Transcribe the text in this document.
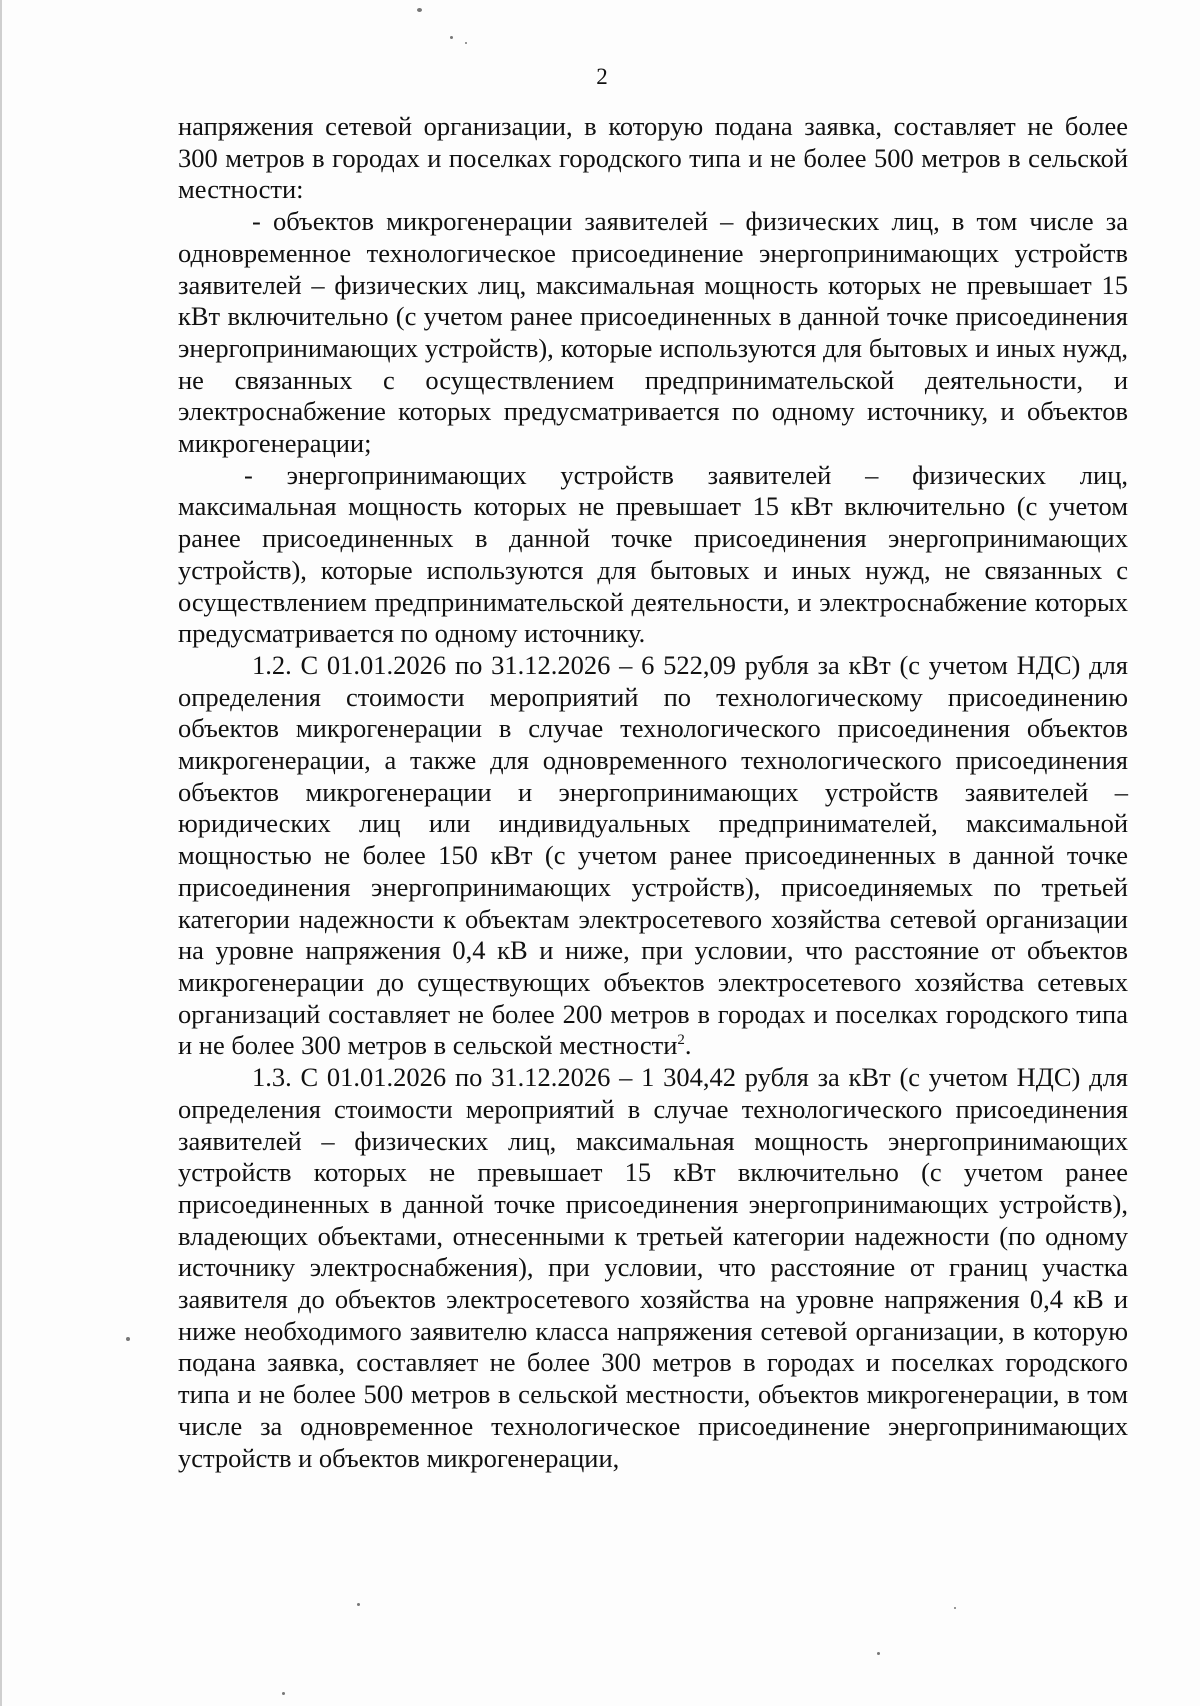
2

напряжения сетевой организации, в которую подана заявка, составляет не более 300 метров в городах и поселках городского типа и не более 500 метров в сельской местности:

- объектов микрогенерации заявителей – физических лиц, в том числе за одновременное технологическое присоединение энергопринимающих устройств заявителей – физических лиц, максимальная мощность которых не превышает 15 кВт включительно (с учетом ранее присоединенных в данной точке присоединения энергопринимающих устройств), которые используются для бытовых и иных нужд, не связанных с осуществлением предпринимательской деятельности, и электроснабжение которых предусматривается по одному источнику, и объектов микрогенерации;

- энергопринимающих устройств заявителей – физических лиц, максимальная мощность которых не превышает 15 кВт включительно (с учетом ранее присоединенных в данной точке присоединения энергопринимающих устройств), которые используются для бытовых и иных нужд, не связанных с осуществлением предпринимательской деятельности, и электроснабжение которых предусматривается по одному источнику.

1.2. С 01.01.2026 по 31.12.2026 – 6 522,09 рубля за кВт (с учетом НДС) для определения стоимости мероприятий по технологическому присоединению объектов микрогенерации в случае технологического присоединения объектов микрогенерации, а также для одновременного технологического присоединения объектов микрогенерации и энергопринимающих устройств заявителей – юридических лиц или индивидуальных предпринимателей, максимальной мощностью не более 150 кВт (с учетом ранее присоединенных в данной точке присоединения энергопринимающих устройств), присоединяемых по третьей категории надежности к объектам электросетевого хозяйства сетевой организации на уровне напряжения 0,4 кВ и ниже, при условии, что расстояние от объектов микрогенерации до существующих объектов электросетевого хозяйства сетевых организаций составляет не более 200 метров в городах и поселках городского типа и не более 300 метров в сельской местности$^2$.

1.3. С 01.01.2026 по 31.12.2026 – 1 304,42 рубля за кВт (с учетом НДС) для определения стоимости мероприятий в случае технологического присоединения заявителей – физических лиц, максимальная мощность энергопринимающих устройств которых не превышает 15 кВт включительно (с учетом ранее присоединенных в данной точке присоединения энергопринимающих устройств), владеющих объектами, отнесенными к третьей категории надежности (по одному источнику электроснабжения), при условии, что расстояние от границ участка заявителя до объектов электросетевого хозяйства на уровне напряжения 0,4 кВ и ниже необходимого заявителю класса напряжения сетевой организации, в которую подана заявка, составляет не более 300 метров в городах и поселках городского типа и не более 500 метров в сельской местности, объектов микрогенерации, в том числе за одновременное технологическое присоединение энергопринимающих устройств и объектов микрогенерации,
